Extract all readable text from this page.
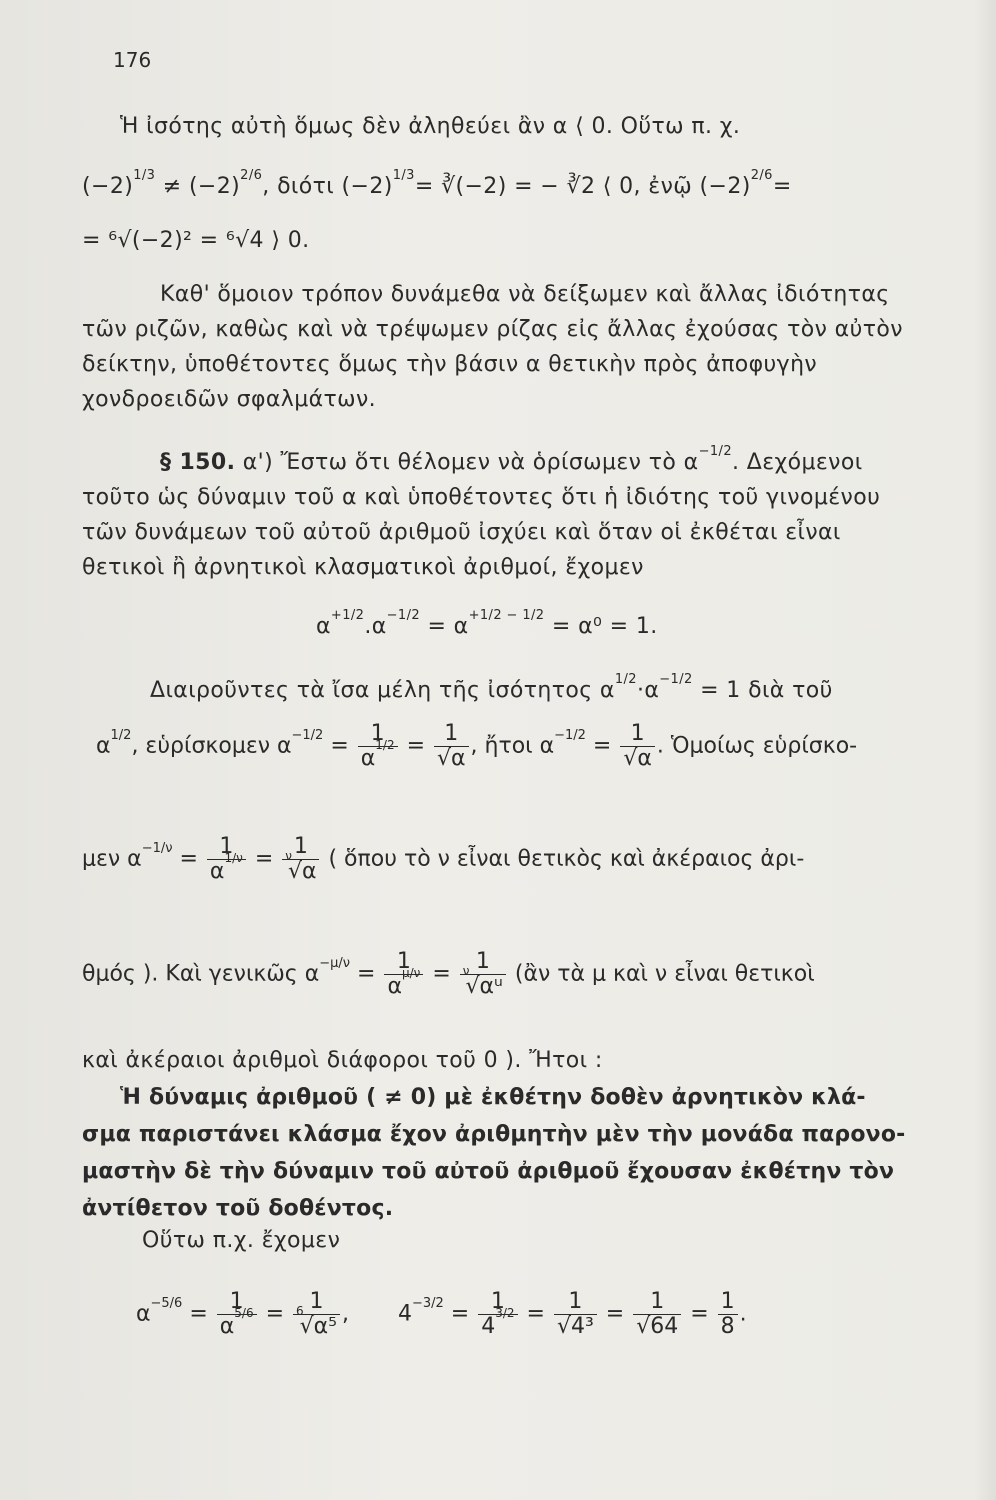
176
Ἡ ἰσότης αὐτὴ ὅμως δὲν ἀληθεύει ἂν α ⟨ 0. Οὕτω π. χ.
$(-2)^{1/3} \ne (-2)^{2/6}$, διότι $(-2)^{1/3}=$ ∛(−2) = − ∛2 ⟨ 0, ἐνῷ $(-2)^{2/6}=$
= ⁶√(−2)² = ⁶√4 ⟩ 0.
Καθ' ὅμοιον τρόπον δυνάμεθα νὰ δείξωμεν καὶ ἄλλας ἰδιότητας
τῶν ριζῶν, καθὼς καὶ νὰ τρέψωμεν ρίζας εἰς ἄλλας ἐχούσας τὸν αὐτὸν
δείκτην, ὑποθέτοντες ὅμως τὴν βάσιν α θετικὴν πρὸς ἀποφυγὴν
χονδροειδῶν σφαλμάτων.
§ 150. α') Ἔστω ὅτι θέλομεν νὰ ὁρίσωμεν τὸ $\alpha^{-1/2}$. Δεχόμενοι
τοῦτο ὡς δύναμιν τοῦ α καὶ ὑποθέτοντες ὅτι ἡ ἰδιότης τοῦ γινομένου
τῶν δυνάμεων τοῦ αὐτοῦ ἀριθμοῦ ἰσχύει καὶ ὅταν οἱ ἐκθέται εἶναι
θετικοὶ ἢ ἀρνητικοὶ κλασματικοὶ ἀριθμοί, ἔχομεν
$\alpha^{+1/2}.\alpha^{-1/2} = \alpha^{+1/2 - 1/2} = \alpha^0 = 1$.
Διαιροῦντες τὰ ἴσα μέλη τῆς ἰσότητος $\alpha^{1/2}\cdot\alpha^{-1/2} = 1$ διὰ τοῦ
$\alpha^{1/2}$, εὑρίσκομεν $\alpha^{-1/2} = \frac{1}{\alpha^{1/2}} = \frac{1}{√\alpha}$ , ἤτοι $\alpha^{-1/2} = \frac{1}{√\alpha}$ . Ὁμοίως εὑρίσκο-
μεν $\alpha^{-1/\nu} = \frac{1}{\alpha^{1/\nu}} = \frac{1}{^\nu√\alpha}$ ( ὅπου τὸ ν εἶναι θετικὸς καὶ ἀκέραιος ἀρι-
θμός ). Καὶ γενικῶς $\alpha^{-\mu/\nu} = \frac{1}{\alpha^{\mu/\nu}} = \frac{1}{^\nu√\alpha ᵘ}$ (ἂν τὰ μ καὶ ν εἶναι θετικοὶ
καὶ ἀκέραιοι ἀριθμοὶ διάφοροι τοῦ 0 ). Ἤτοι :
Ἡ δύναμις ἀριθμοῦ ( ≠ 0) μὲ ἐκθέτην δοθὲν ἀρνητικὸν κλά-
σμα παριστάνει κλάσμα ἔχον ἀριθμητὴν μὲν τὴν μονάδα παρονο-
μαστὴν δὲ τὴν δύναμιν τοῦ αὐτοῦ ἀριθμοῦ ἔχουσαν ἐκθέτην τὸν
ἀντίθετον τοῦ δοθέντος.
Οὕτω π.χ. ἔχομεν
$\alpha^{-5/6} = \frac{1}{\alpha^{5/6}} = \frac{1}{^6√\alpha^5}$ , $4^{-3/2} = \frac{1}{4^{3/2}} = \frac{1}{\text{√4³}} = \frac{1}{√64} = \frac{1}{8}$ .
